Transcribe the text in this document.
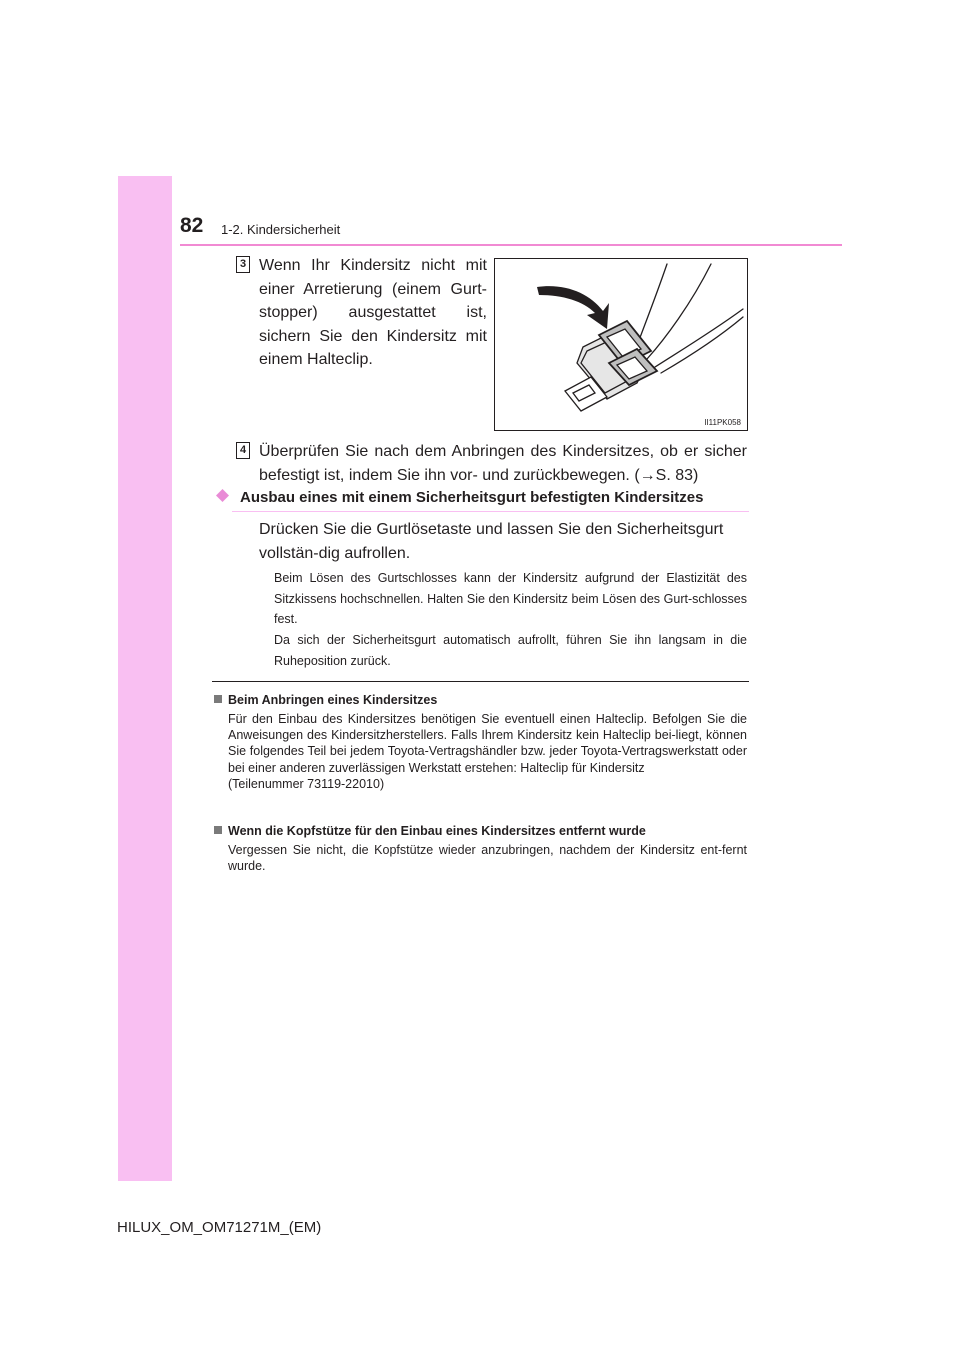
82 1-2. Kindersicherheit
3 Wenn Ihr Kindersitz nicht mit einer Arretierung (einem Gurt-stopper) ausgestattet ist, sichern Sie den Kindersitz mit einem Halteclip.
II11PK058
4 Überprüfen Sie nach dem Anbringen des Kindersitzes, ob er sicher befestigt ist, indem Sie ihn vor- und zurückbewegen. (→S. 83)
Ausbau eines mit einem Sicherheitsgurt befestigten Kindersitzes
Drücken Sie die Gurtlösetaste und lassen Sie den Sicherheitsgurt vollstän-dig aufrollen.
Beim Lösen des Gurtschlosses kann der Kindersitz aufgrund der Elastizität des Sitzkissens hochschnellen. Halten Sie den Kindersitz beim Lösen des Gurt-schlosses fest.
Da sich der Sicherheitsgurt automatisch aufrollt, führen Sie ihn langsam in die Ruheposition zurück.
Beim Anbringen eines Kindersitzes
Für den Einbau des Kindersitzes benötigen Sie eventuell einen Halteclip. Befolgen Sie die Anweisungen des Kindersitzherstellers. Falls Ihrem Kindersitz kein Halteclip bei-liegt, können Sie folgendes Teil bei jedem Toyota-Vertragshändler bzw. jeder Toyota-Vertragswerkstatt oder bei einer anderen zuverlässigen Werkstatt erstehen: Halteclip für Kindersitz
(Teilenummer 73119-22010)
Wenn die Kopfstütze für den Einbau eines Kindersitzes entfernt wurde
Vergessen Sie nicht, die Kopfstütze wieder anzubringen, nachdem der Kindersitz ent-fernt wurde.
HILUX_OM_OM71271M_(EM)
